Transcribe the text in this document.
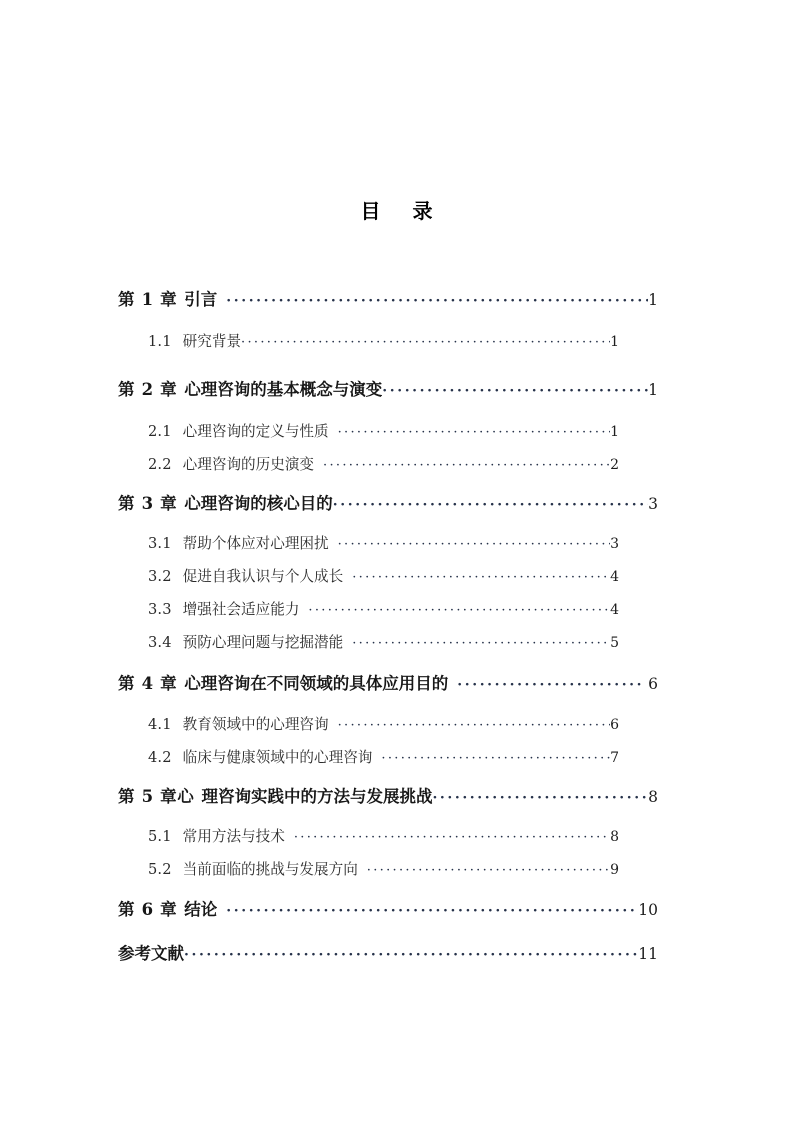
目　录
第 1 章 引言 ·····	1
1.1 研究背景 ·····	1
第 2 章 心理咨询的基本概念与演变 ·····	1
2.1 心理咨询的定义与性质 ·····	1
2.2 心理咨询的历史演变 ·····	2
第 3 章 心理咨询的核心目的 ·····	3
3.1 帮助个体应对心理困扰 ·····	3
3.2 促进自我认识与个人成长 ·····	4
3.3 增强社会适应能力 ·····	4
3.4 预防心理问题与挖掘潜能 ·····	5
第 4 章 心理咨询在不同领域的具体应用目的 ·····	6
4.1 教育领域中的心理咨询 ·····	6
4.2 临床与健康领域中的心理咨询 ·····	7
第 5 章心 理咨询实践中的方法与发展挑战 ·····	8
5.1 常用方法与技术 ·····	8
5.2 当前面临的挑战与发展方向 ·····	9
第 6 章 结论 ·····	10
参考文献 ·····	11
